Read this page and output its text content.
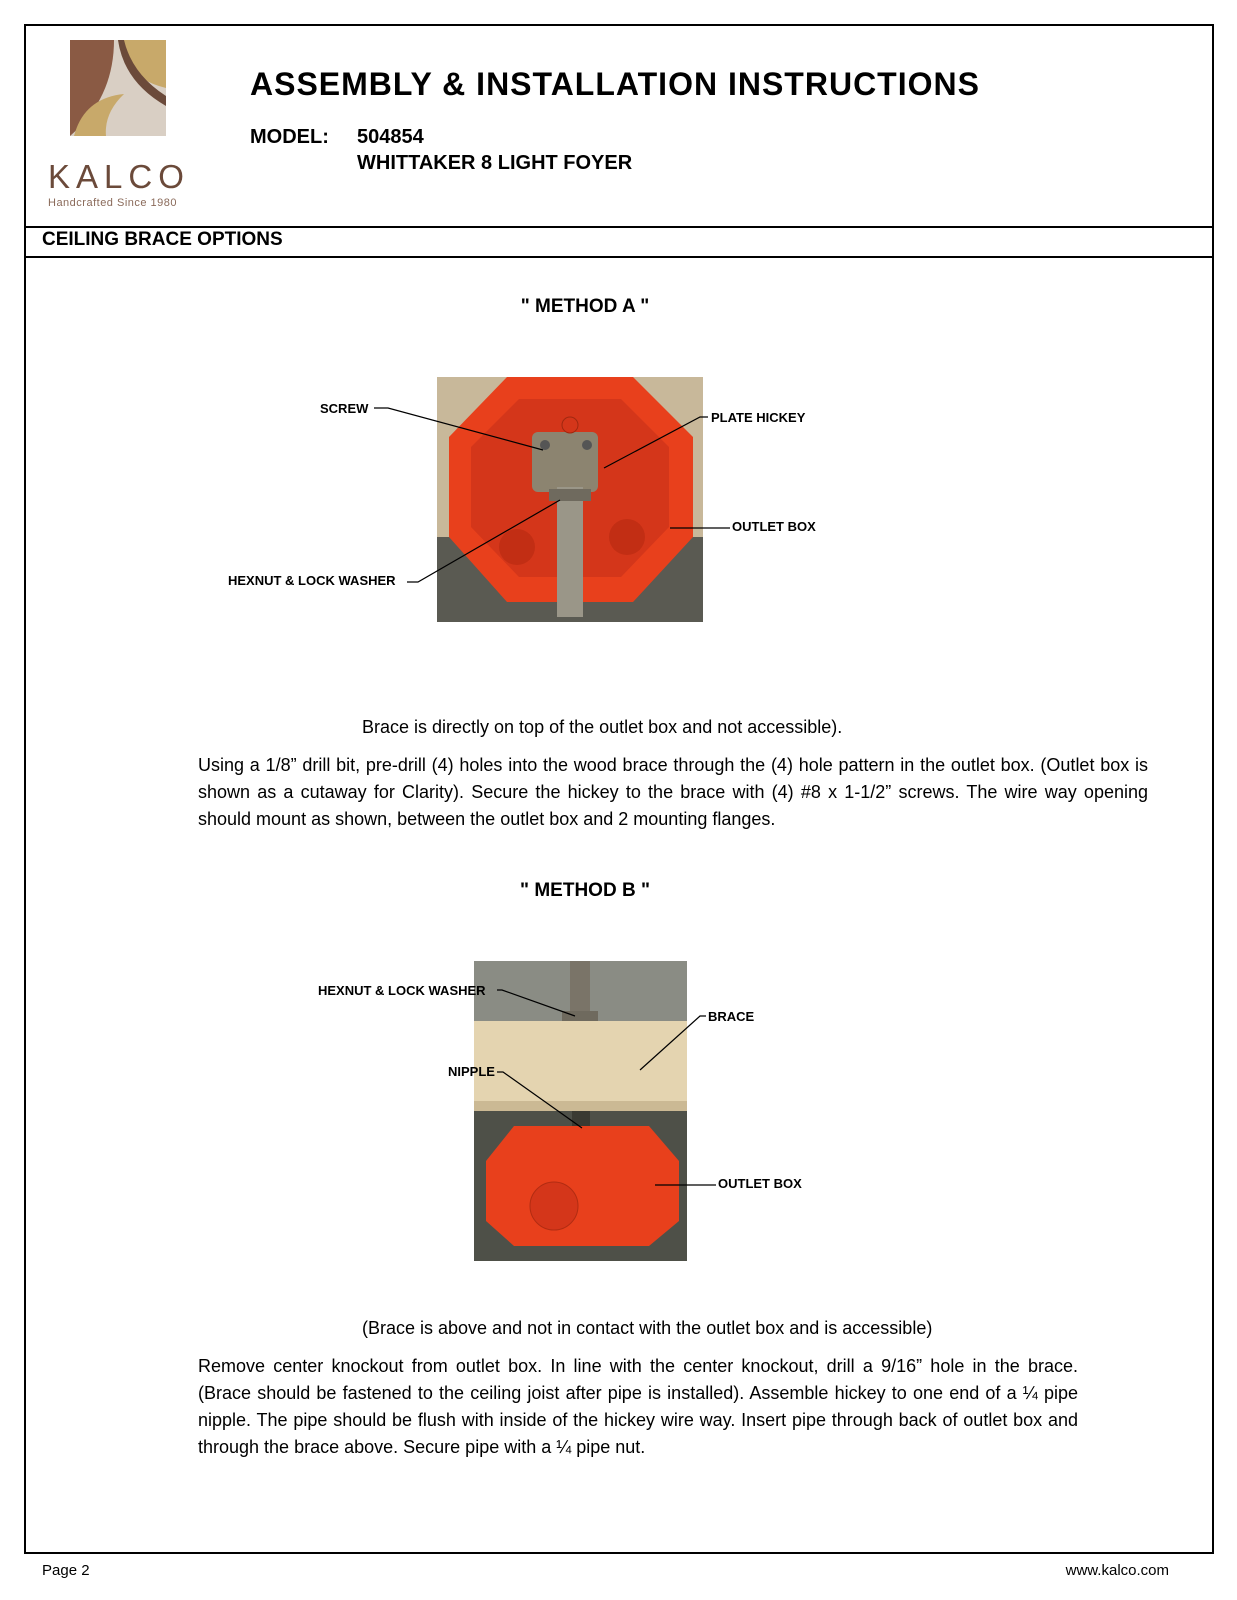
KALCO
Handcrafted Since 1980
ASSEMBLY & INSTALLATION INSTRUCTIONS
MODEL: 504854
WHITTAKER 8 LIGHT FOYER
CEILING BRACE OPTIONS
" METHOD A "
SCREW
PLATE HICKEY
OUTLET BOX
HEXNUT & LOCK WASHER
Brace is directly on top of the outlet box and not accessible).
Using a 1/8” drill bit, pre-drill (4) holes into the wood brace through the (4) hole pattern in the outlet box. (Outlet box is shown as a cutaway for Clarity). Secure the hickey to the brace with (4) #8 x 1-1/2” screws. The wire way opening should mount as shown, between the outlet box and 2 mounting flanges.
" METHOD B "
HEXNUT & LOCK WASHER
BRACE
NIPPLE
OUTLET BOX
(Brace is above and not in contact with the outlet box and is accessible)
Remove center knockout from outlet box. In line with the center knockout, drill a 9/16” hole in the brace. (Brace should be fastened to the ceiling joist after pipe is installed). Assemble hickey to one end of a ¼ pipe nipple. The pipe should be flush with inside of the hickey wire way. Insert pipe through back of outlet box and through the brace above. Secure pipe with a ¼ pipe nut.
Page 2	www.kalco.com
